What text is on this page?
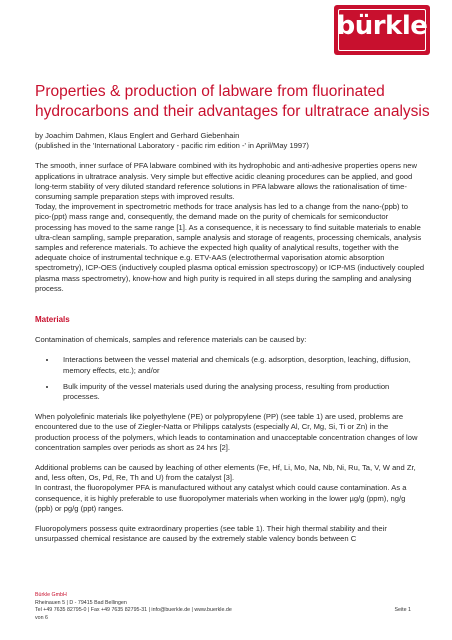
bürkle
Properties & production of labware from fluorinated hydrocarbons and their advantages for ultratrace analysis

by Joachim Dahmen, Klaus Englert and Gerhard Giebenhain

(published in the 'International Laboratory - pacific rim edition -' in April/May 1997)

The smooth, inner surface of PFA labware combined with its hydrophobic and anti-adhesive properties opens new applications in ultratrace analysis. Very simple but effective acidic cleaning procedures can be applied, and good long-term stability of very diluted standard reference solutions in PFA labware allows the rationalisation of time-consuming sample preparation steps with improved results.

Today, the improvement in spectrometric methods for trace analysis has led to a change from the nano-(ppb) to pico-(ppt) mass range and, consequently, the demand made on the purity of chemicals for semiconductor processing has moved to the same range [1]. As a consequence, it is necessary to find suitable materials to enable ultra-clean sampling, sample preparation, sample analysis and storage of reagents, processing chemicals, analysis samples and reference materials. To achieve the expected high quality of analytical results, together with the adequate choice of instrumental technique e.g. ETV-AAS (electrothermal vaporisation atomic absorption spectrometry), ICP-OES (inductively coupled plasma optical emission spectroscopy) or ICP-MS (inductively coupled plasma mass spectrometry), know-how and high purity is required in all steps during the sampling and analysing process.

Materials

Contamination of chemicals, samples and reference materials can be caused by:

• Interactions between the vessel material and chemicals (e.g. adsorption, desorption, leaching, diffusion, memory effects, etc.); and/or
• Bulk impurity of the vessel materials used during the analysing process, resulting from production processes.

When polyolefinic materials like polyethylene (PE) or polypropylene (PP) (see table 1) are used, problems are encountered due to the use of Ziegler-Natta or Philipps catalysts (especially Al, Cr, Mg, Si, Ti or Zn) in the production process of the polymers, which leads to contamination and unacceptable concentration changes of low concentration samples over periods as short as 24 hrs [2].

Additional problems can be caused by leaching of other elements (Fe, Hf, Li, Mo, Na, Nb, Ni, Ru, Ta, V, W and Zr, and, less often, Os, Pd, Re, Th and U) from the catalyst [3].

In contrast, the fluoropolymer PFA is manufactured without any catalyst which could cause contamination. As a consequence, it is highly preferable to use fluoropolymer materials when working in the lower µg/g (ppm), ng/g (ppb) or pg/g (ppt) ranges.

Fluoropolymers possess quite extraordinary properties (see table 1). Their high thermal stability and their unsurpassed chemical resistance are caused by the extremely stable valency bonds between C

Bürkle GmbH
Rheinauen 5 | D - 79415 Bad Bellingen
Tel +49 7635 82795-0 | Fax +49 7635 82795-31 | info@buerkle.de | www.buerkle.de
von 6
Seite 1
